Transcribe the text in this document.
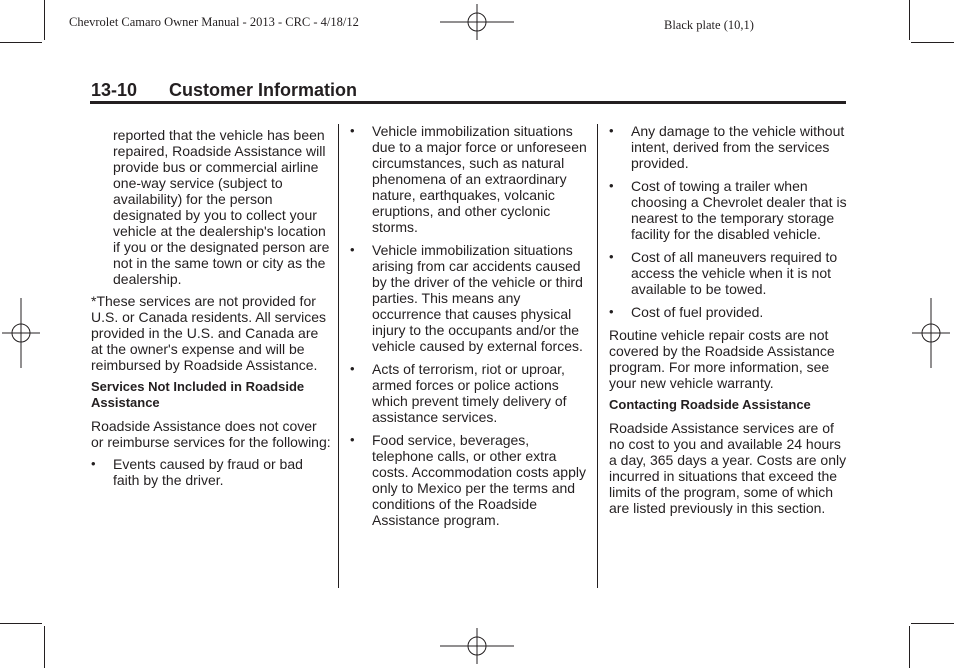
Chevrolet Camaro Owner Manual - 2013 - CRC - 4/18/12	Black plate (10,1)
13-10 Customer Information

reported that the vehicle has been repaired, Roadside Assistance will provide bus or commercial airline one-way service (subject to availability) for the person designated by you to collect your vehicle at the dealership's location if you or the designated person are not in the same town or city as the dealership.

*These services are not provided for U.S. or Canada residents. All services provided in the U.S. and Canada are at the owner's expense and will be reimbursed by Roadside Assistance.

Services Not Included in Roadside Assistance

Roadside Assistance does not cover or reimburse services for the following:

• Events caused by fraud or bad faith by the driver.
• Vehicle immobilization situations due to a major force or unforeseen circumstances, such as natural phenomena of an extraordinary nature, earthquakes, volcanic eruptions, and other cyclonic storms.
• Vehicle immobilization situations arising from car accidents caused by the driver of the vehicle or third parties. This means any occurrence that causes physical injury to the occupants and/or the vehicle caused by external forces.
• Acts of terrorism, riot or uproar, armed forces or police actions which prevent timely delivery of assistance services.
• Food service, beverages, telephone calls, or other extra costs. Accommodation costs apply only to Mexico per the terms and conditions of the Roadside Assistance program.
• Any damage to the vehicle without intent, derived from the services provided.
• Cost of towing a trailer when choosing a Chevrolet dealer that is nearest to the temporary storage facility for the disabled vehicle.
• Cost of all maneuvers required to access the vehicle when it is not available to be towed.
• Cost of fuel provided.

Routine vehicle repair costs are not covered by the Roadside Assistance program. For more information, see your new vehicle warranty.

Contacting Roadside Assistance

Roadside Assistance services are of no cost to you and available 24 hours a day, 365 days a year. Costs are only incurred in situations that exceed the limits of the program, some of which are listed previously in this section.
